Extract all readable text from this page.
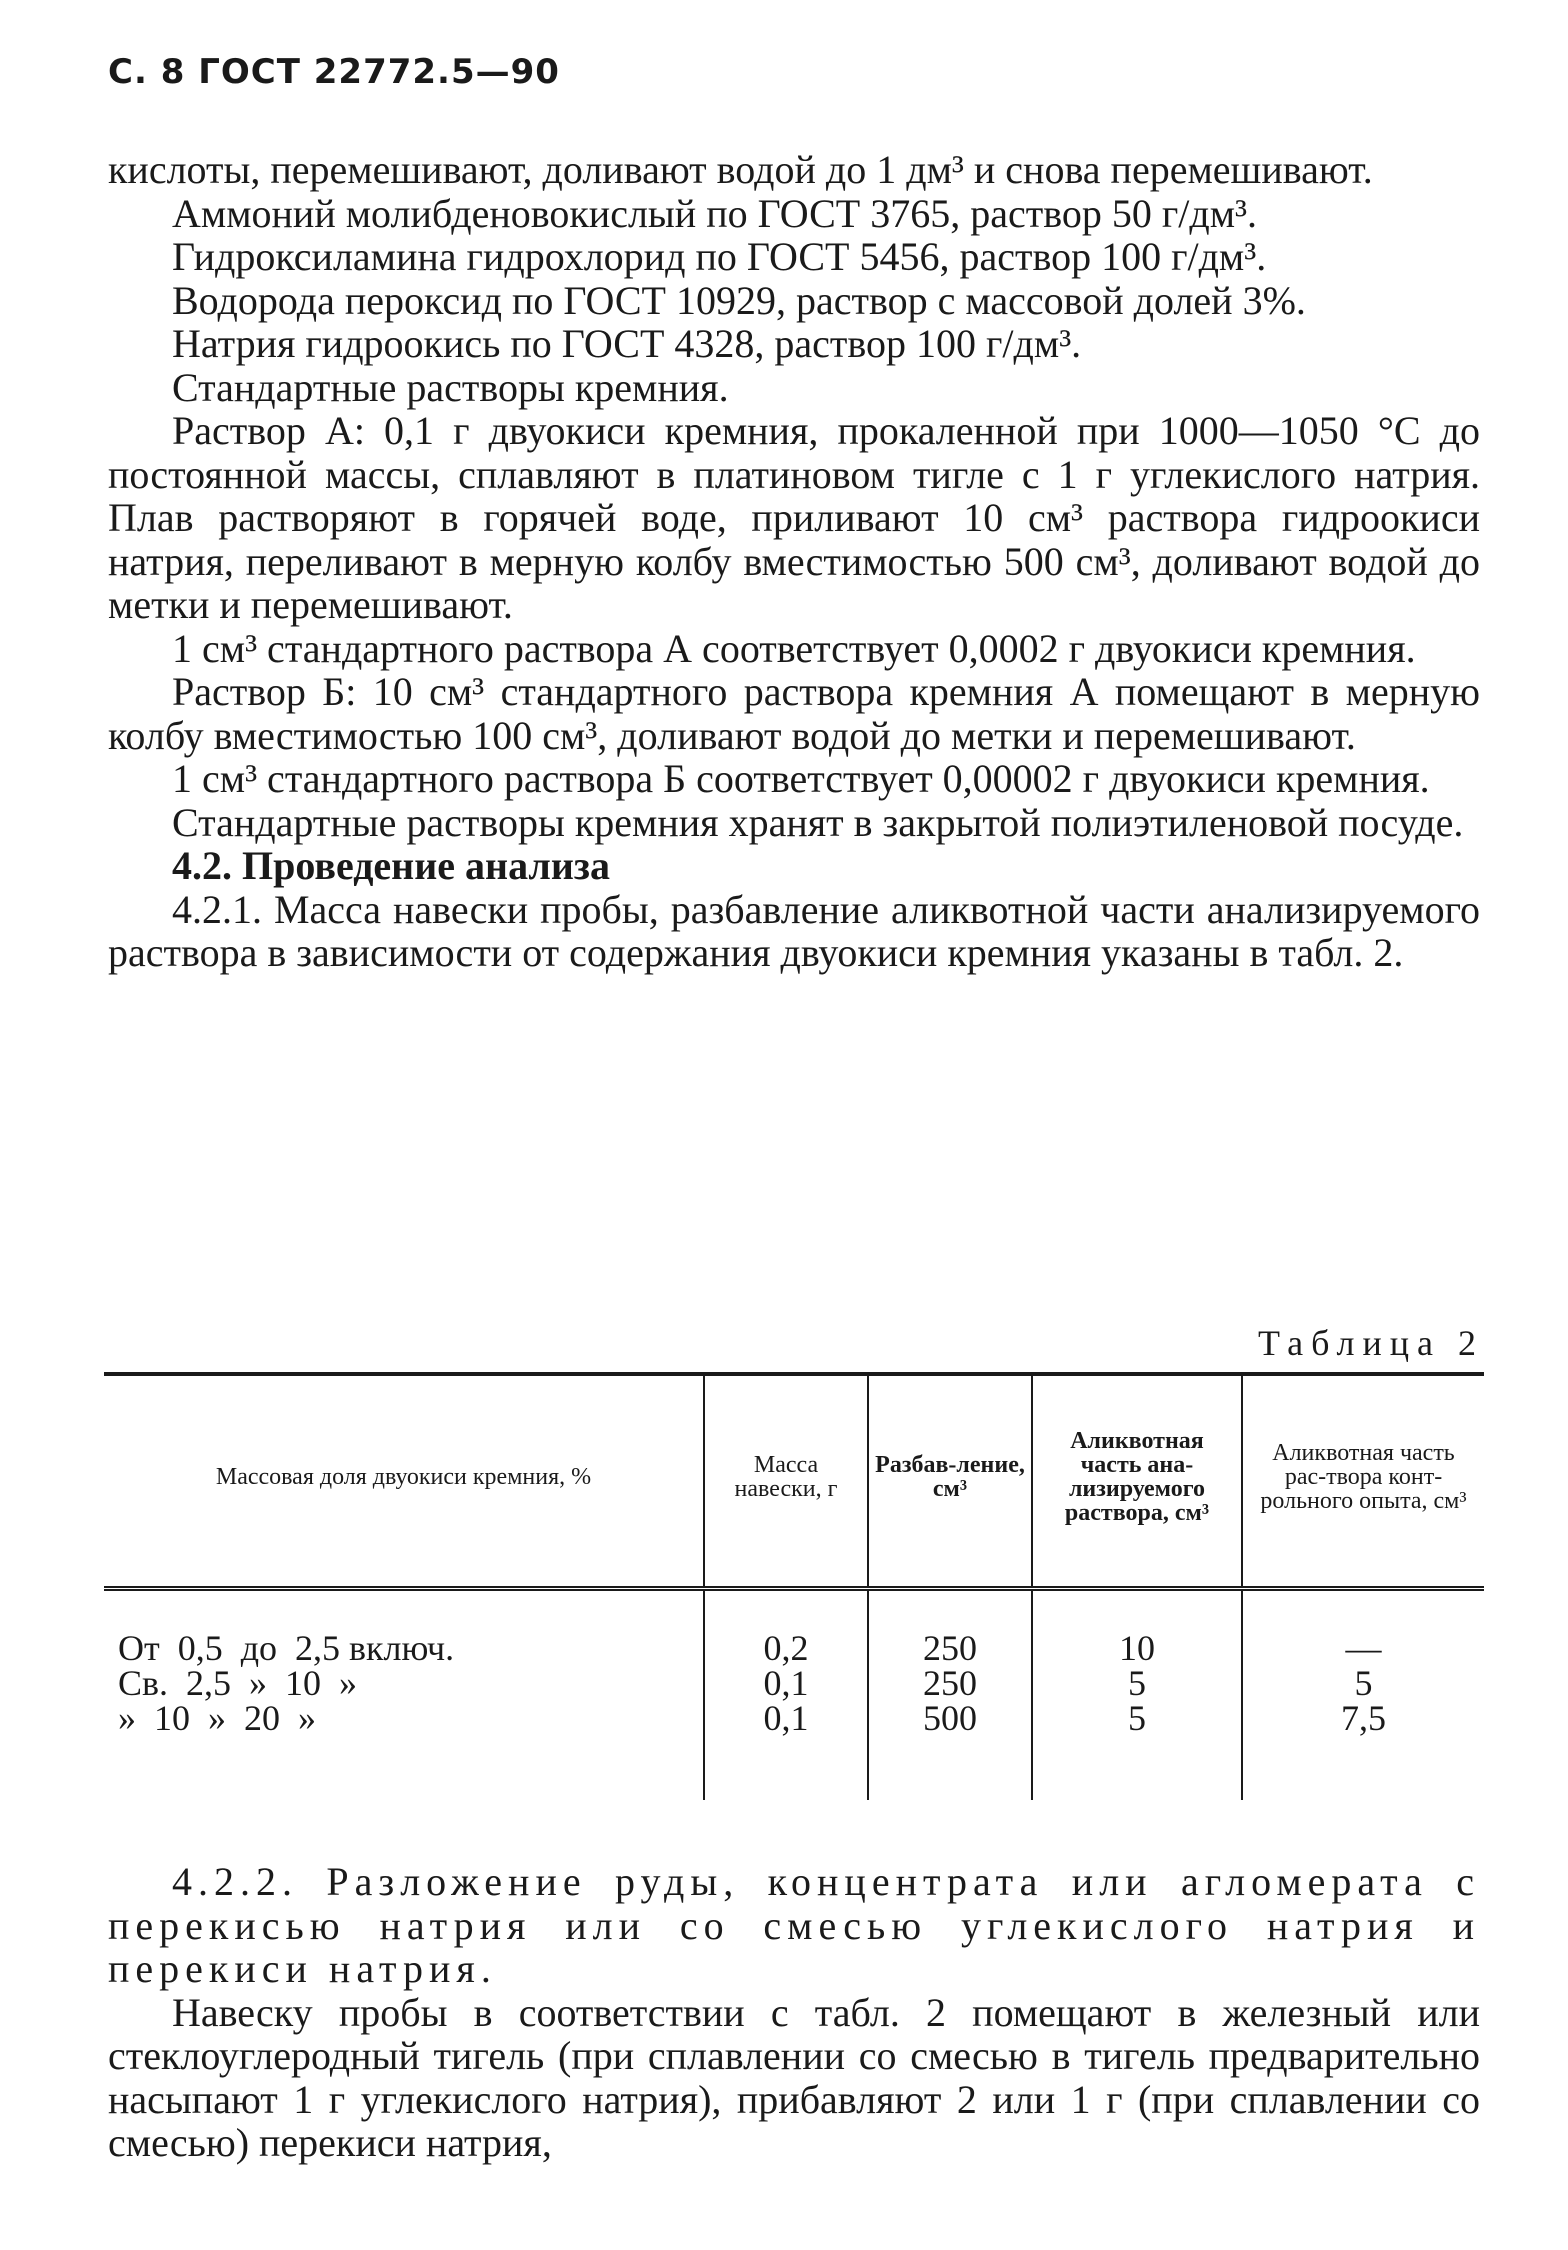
С. 8 ГОСТ 22772.5—90

кислоты, перемешивают, доливают водой до 1 дм³ и снова перемешивают.

Аммоний молибденовокислый по ГОСТ 3765, раствор 50 г/дм³.

Гидроксиламина гидрохлорид по ГОСТ 5456, раствор 100 г/дм³.

Водорода пероксид по ГОСТ 10929, раствор с массовой долей 3%.

Натрия гидроокись по ГОСТ 4328, раствор 100 г/дм³.

Стандартные растворы кремния.

Раствор А: 0,1 г двуокиси кремния, прокаленной при 1000—1050 °С до постоянной массы, сплавляют в платиновом тигле с 1 г углекислого натрия. Плав растворяют в горячей воде, приливают 10 см³ раствора гидроокиси натрия, переливают в мерную колбу вместимостью 500 см³, доливают водой до метки и перемешивают.

1 см³ стандартного раствора А соответствует 0,0002 г двуокиси кремния.

Раствор Б: 10 см³ стандартного раствора кремния А помещают в мерную колбу вместимостью 100 см³, доливают водой до метки и перемешивают.

1 см³ стандартного раствора Б соответствует 0,00002 г двуокиси кремния.

Стандартные растворы кремния хранят в закрытой полиэтиленовой посуде.

4.2. Проведение анализа

4.2.1. Масса навески пробы, разбавление аликвотной части анализируемого раствора в зависимости от содержания двуокиси кремния указаны в табл. 2.

Таблица 2
Массовая доля двуокиси кремния, %	Масса навески, г	Разбав-ление, см³	Аликвотная часть ана-лизируемого раствора, см³	Аликвотная часть рас-твора конт-рольного опыта, см³
От  0,5  до  2,5 включ.	0,2	250	10	—
Св.  2,5  »  10  »	0,1	250	5	5
»  10  »  20  »	0,1	500	5	7,5

4.2.2. Разложение руды, концентрата или агломерата с перекисью натрия или со смесью углекислого натрия и перекиси натрия.

Навеску пробы в соответствии с табл. 2 помещают в железный или стеклоуглеродный тигель (при сплавлении со смесью в тигель предварительно насыпают 1 г углекислого натрия), прибавляют 2 или 1 г (при сплавлении со смесью) перекиси натрия,
